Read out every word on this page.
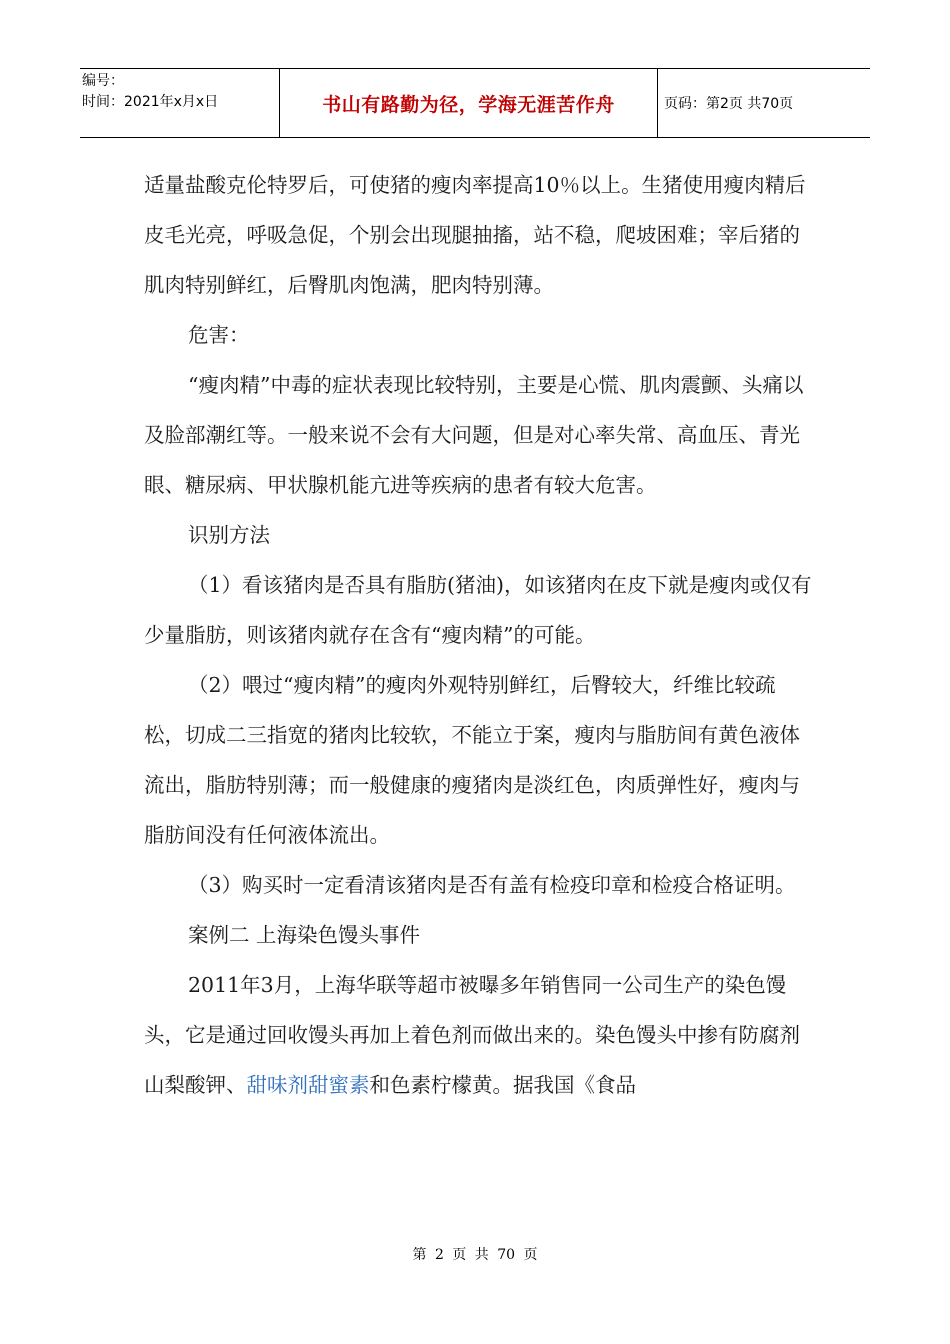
编号：
时间：2021年x月x日	书山有路勤为径，学海无涯苦作舟	页码：第2页 共70页

适量盐酸克伦特罗后，可使猪的瘦肉率提高10％以上。生猪使用瘦肉精后皮毛光亮，呼吸急促，个别会出现腿抽搐，站不稳，爬坡困难；宰后猪的肌肉特别鲜红，后臀肌肉饱满，肥肉特别薄。

危害：

“瘦肉精”中毒的症状表现比较特别，主要是心慌、肌肉震颤、头痛以及脸部潮红等。一般来说不会有大问题，但是对心率失常、高血压、青光眼、糖尿病、甲状腺机能亢进等疾病的患者有较大危害。

识别方法

（1）看该猪肉是否具有脂肪(猪油)，如该猪肉在皮下就是瘦肉或仅有少量脂肪，则该猪肉就存在含有“瘦肉精”的可能。

（2）喂过“瘦肉精”的瘦肉外观特别鲜红，后臀较大，纤维比较疏松，切成二三指宽的猪肉比较软，不能立于案，瘦肉与脂肪间有黄色液体流出，脂肪特别薄；而一般健康的瘦猪肉是淡红色，肉质弹性好，瘦肉与脂肪间没有任何液体流出。

（3）购买时一定看清该猪肉是否有盖有检疫印章和检疫合格证明。

案例二 上海染色馒头事件

2011年3月，上海华联等超市被曝多年销售同一公司生产的染色馒头，它是通过回收馒头再加上着色剂而做出来的。染色馒头中掺有防腐剂山梨酸钾、甜味剂甜蜜素和色素柠檬黄。据我国《食品

第 2 页 共 70 页
